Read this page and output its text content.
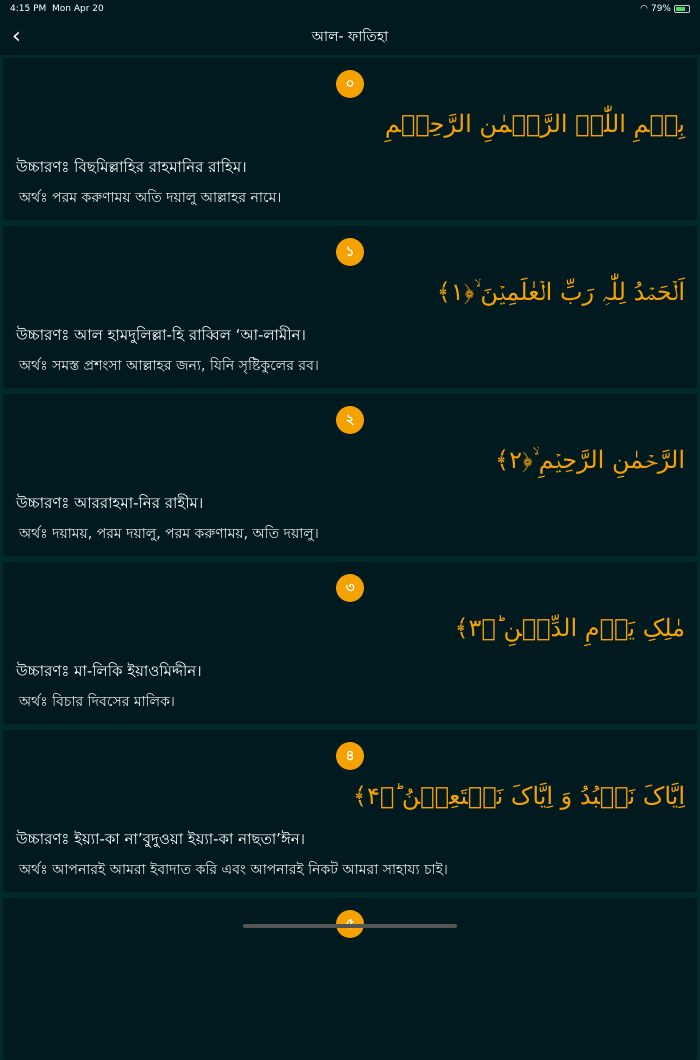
4:15 PM Mon Apr 20	◠ 79%
‹	আল- ফাতিহা
০
بِسۡمِ اللّٰہِ الرَّحۡمٰنِ الرَّحِیۡمِ
উচ্চারণঃ বিছমিল্লাহির রাহমানির রাহিম।
অর্থঃ পরম করুণাময় অতি দয়ালু আল্লাহর নামে।
১
اَلۡحَمۡدُ لِلّٰہِ رَبِّ الۡعٰلَمِیۡنَ ۙ﴿۱﴾
উচ্চারণঃ আল হামদুলিল্লা-হি রাব্বিল ‘আ-লামীন।
অর্থঃ সমস্ত প্রশংসা আল্লাহর জন্য, যিনি সৃষ্টিকুলের রব।
২
الرَّحۡمٰنِ الرَّحِیۡمِ ۙ﴿۲﴾
উচ্চারণঃ আররাহমা-নির রাহীম।
অর্থঃ দয়াময়, পরম দয়ালু, পরম করুণাময়, অতি দয়ালু।
৩
مٰلِکِ یَوۡمِ الدِّیۡنِ ؕ﴿۳﴾
উচ্চারণঃ মা-লিকি ইয়াওমিদ্দীন।
অর্থঃ বিচার দিবসের মালিক।
৪
اِیَّاکَ نَعۡبُدُ وَ اِیَّاکَ نَسۡتَعِیۡنُ ؕ﴿۴﴾
উচ্চারণঃ ইয়্যা-কা না’বুদুওয়া ইয়্যা-কা নাছতা’ঈন।
অর্থঃ আপনারই আমরা ইবাদাত করি এবং আপনারই নিকট আমরা সাহায্য চাই।
